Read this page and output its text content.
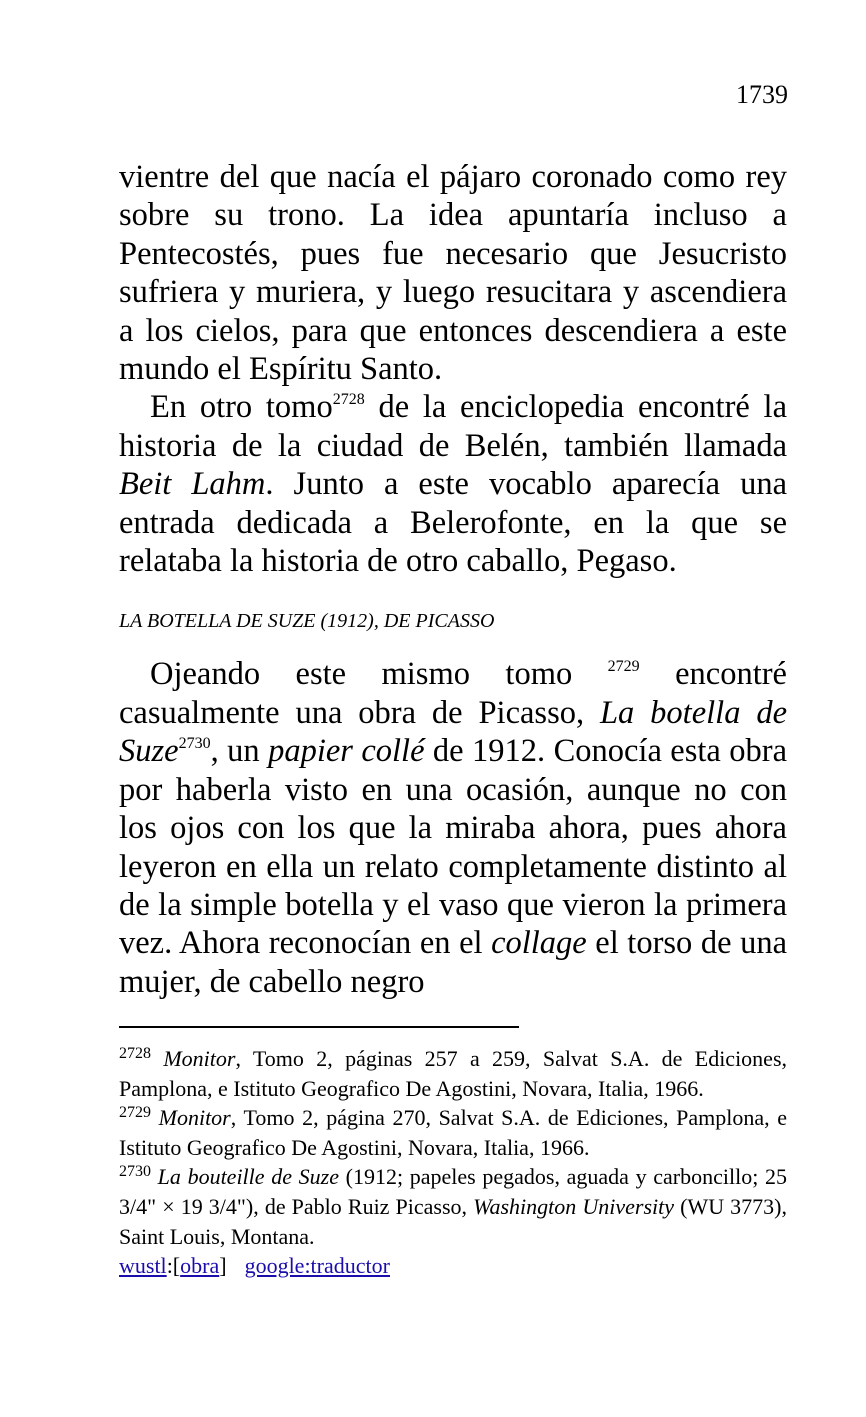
1739

vientre del que nacía el pájaro coronado como rey sobre su trono. La idea apuntaría incluso a Pentecostés, pues fue necesario que Jesucristo sufriera y muriera, y luego resucitara y ascendiera a los cielos, para que entonces descendiera a este mundo el Espíritu Santo.

En otro tomo$^{2728}$ de la enciclopedia encontré la historia de la ciudad de Belén, también llamada Beit Lahm. Junto a este vocablo aparecía una entrada dedicada a Belerofonte, en la que se relataba la historia de otro caballo, Pegaso.

LA BOTELLA DE SUZE (1912), DE PICASSO

Ojeando este mismo tomo $^{2729}$ encontré casualmente una obra de Picasso, La botella de Suze$^{2730}$, un papier collé de 1912. Conocía esta obra por haberla visto en una ocasión, aunque no con los ojos con los que la miraba ahora, pues ahora leyeron en ella un relato completamente distinto al de la simple botella y el vaso que vieron la primera vez. Ahora reconocían en el collage el torso de una mujer, de cabello negro

$^{2728}$ Monitor, Tomo 2, páginas 257 a 259, Salvat S.A. de Ediciones, Pamplona, e Istituto Geografico De Agostini, Novara, Italia, 1966.

$^{2729}$ Monitor, Tomo 2, página 270, Salvat S.A. de Ediciones, Pamplona, e Istituto Geografico De Agostini, Novara, Italia, 1966.

$^{2730}$ La bouteille de Suze (1912; papeles pegados, aguada y carboncillo; 25 3/4" × 19 3/4"), de Pablo Ruiz Picasso, Washington University (WU 3773), Saint Louis, Montana.

wustl:[obra] google:traductor
